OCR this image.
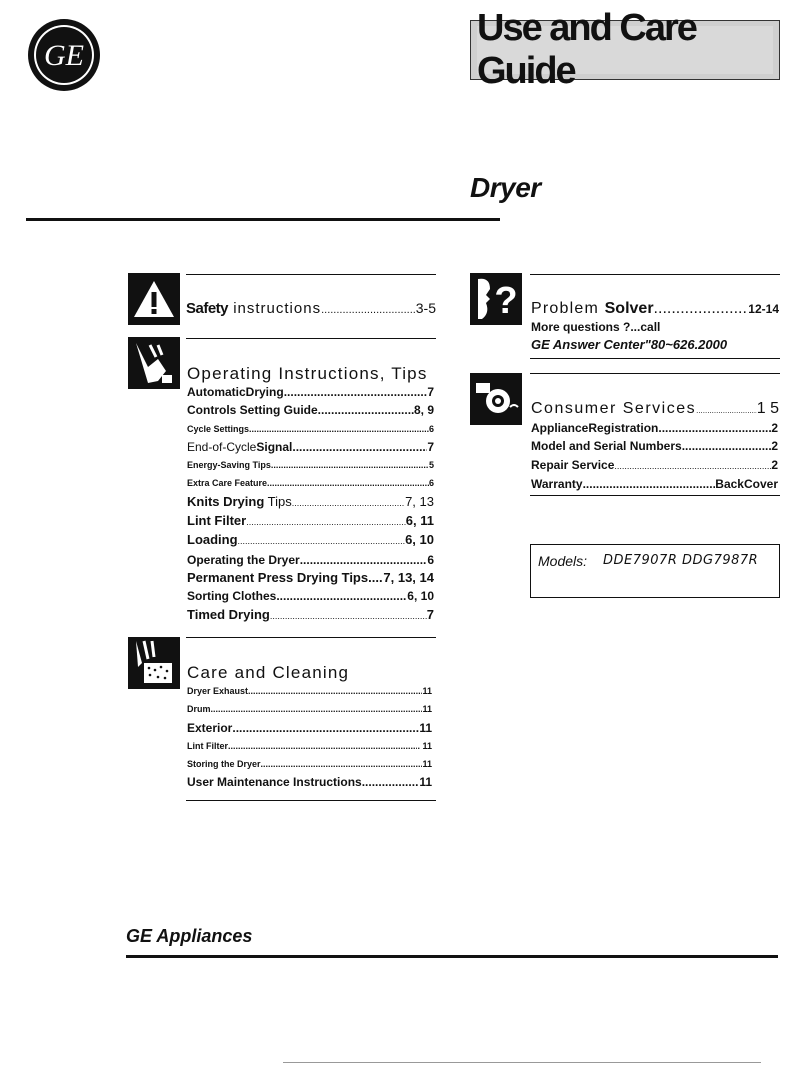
GE
Use and Care Guide
Dryer
Safety instructions .....	3-5
Operating Instructions, Tips
AutomaticDrying .....	7
Controls Setting Guide .....	8, 9
Cycle Settings .....	6
End-of-CycleSignal .....	7
Energy-Saving Tips. .....	5
Extra Care Feature .....	6
Knits Drying Tips .....	7, 13
Lint Filter .....	6, 11
Loading .....	6, 10
Operating the Dryer .....	6
Permanent Press Drying Tips ..... 7, 13, 14
Sorting Clothes .....	6, 10
Timed Drying .....	7
Care and Cleaning
Dryer Exhaust .....	11
Drum .....	11
Exterior .....	11
Lint Filter .....	. 11
Storing the Dryer .....	11
User Maintenance Instructions .....	11
? Problem Solver .....	12-14
More questions ?...call
GE Answer Center"80~626.2000
Consumer Services .....	1 5
ApplianceRegistration .....	2
Model and Serial Numbers .....	2
Repair Service .....	2
Warranty .....	BackCover
Models: DDE7907R DDG7987R
GE Appliances
